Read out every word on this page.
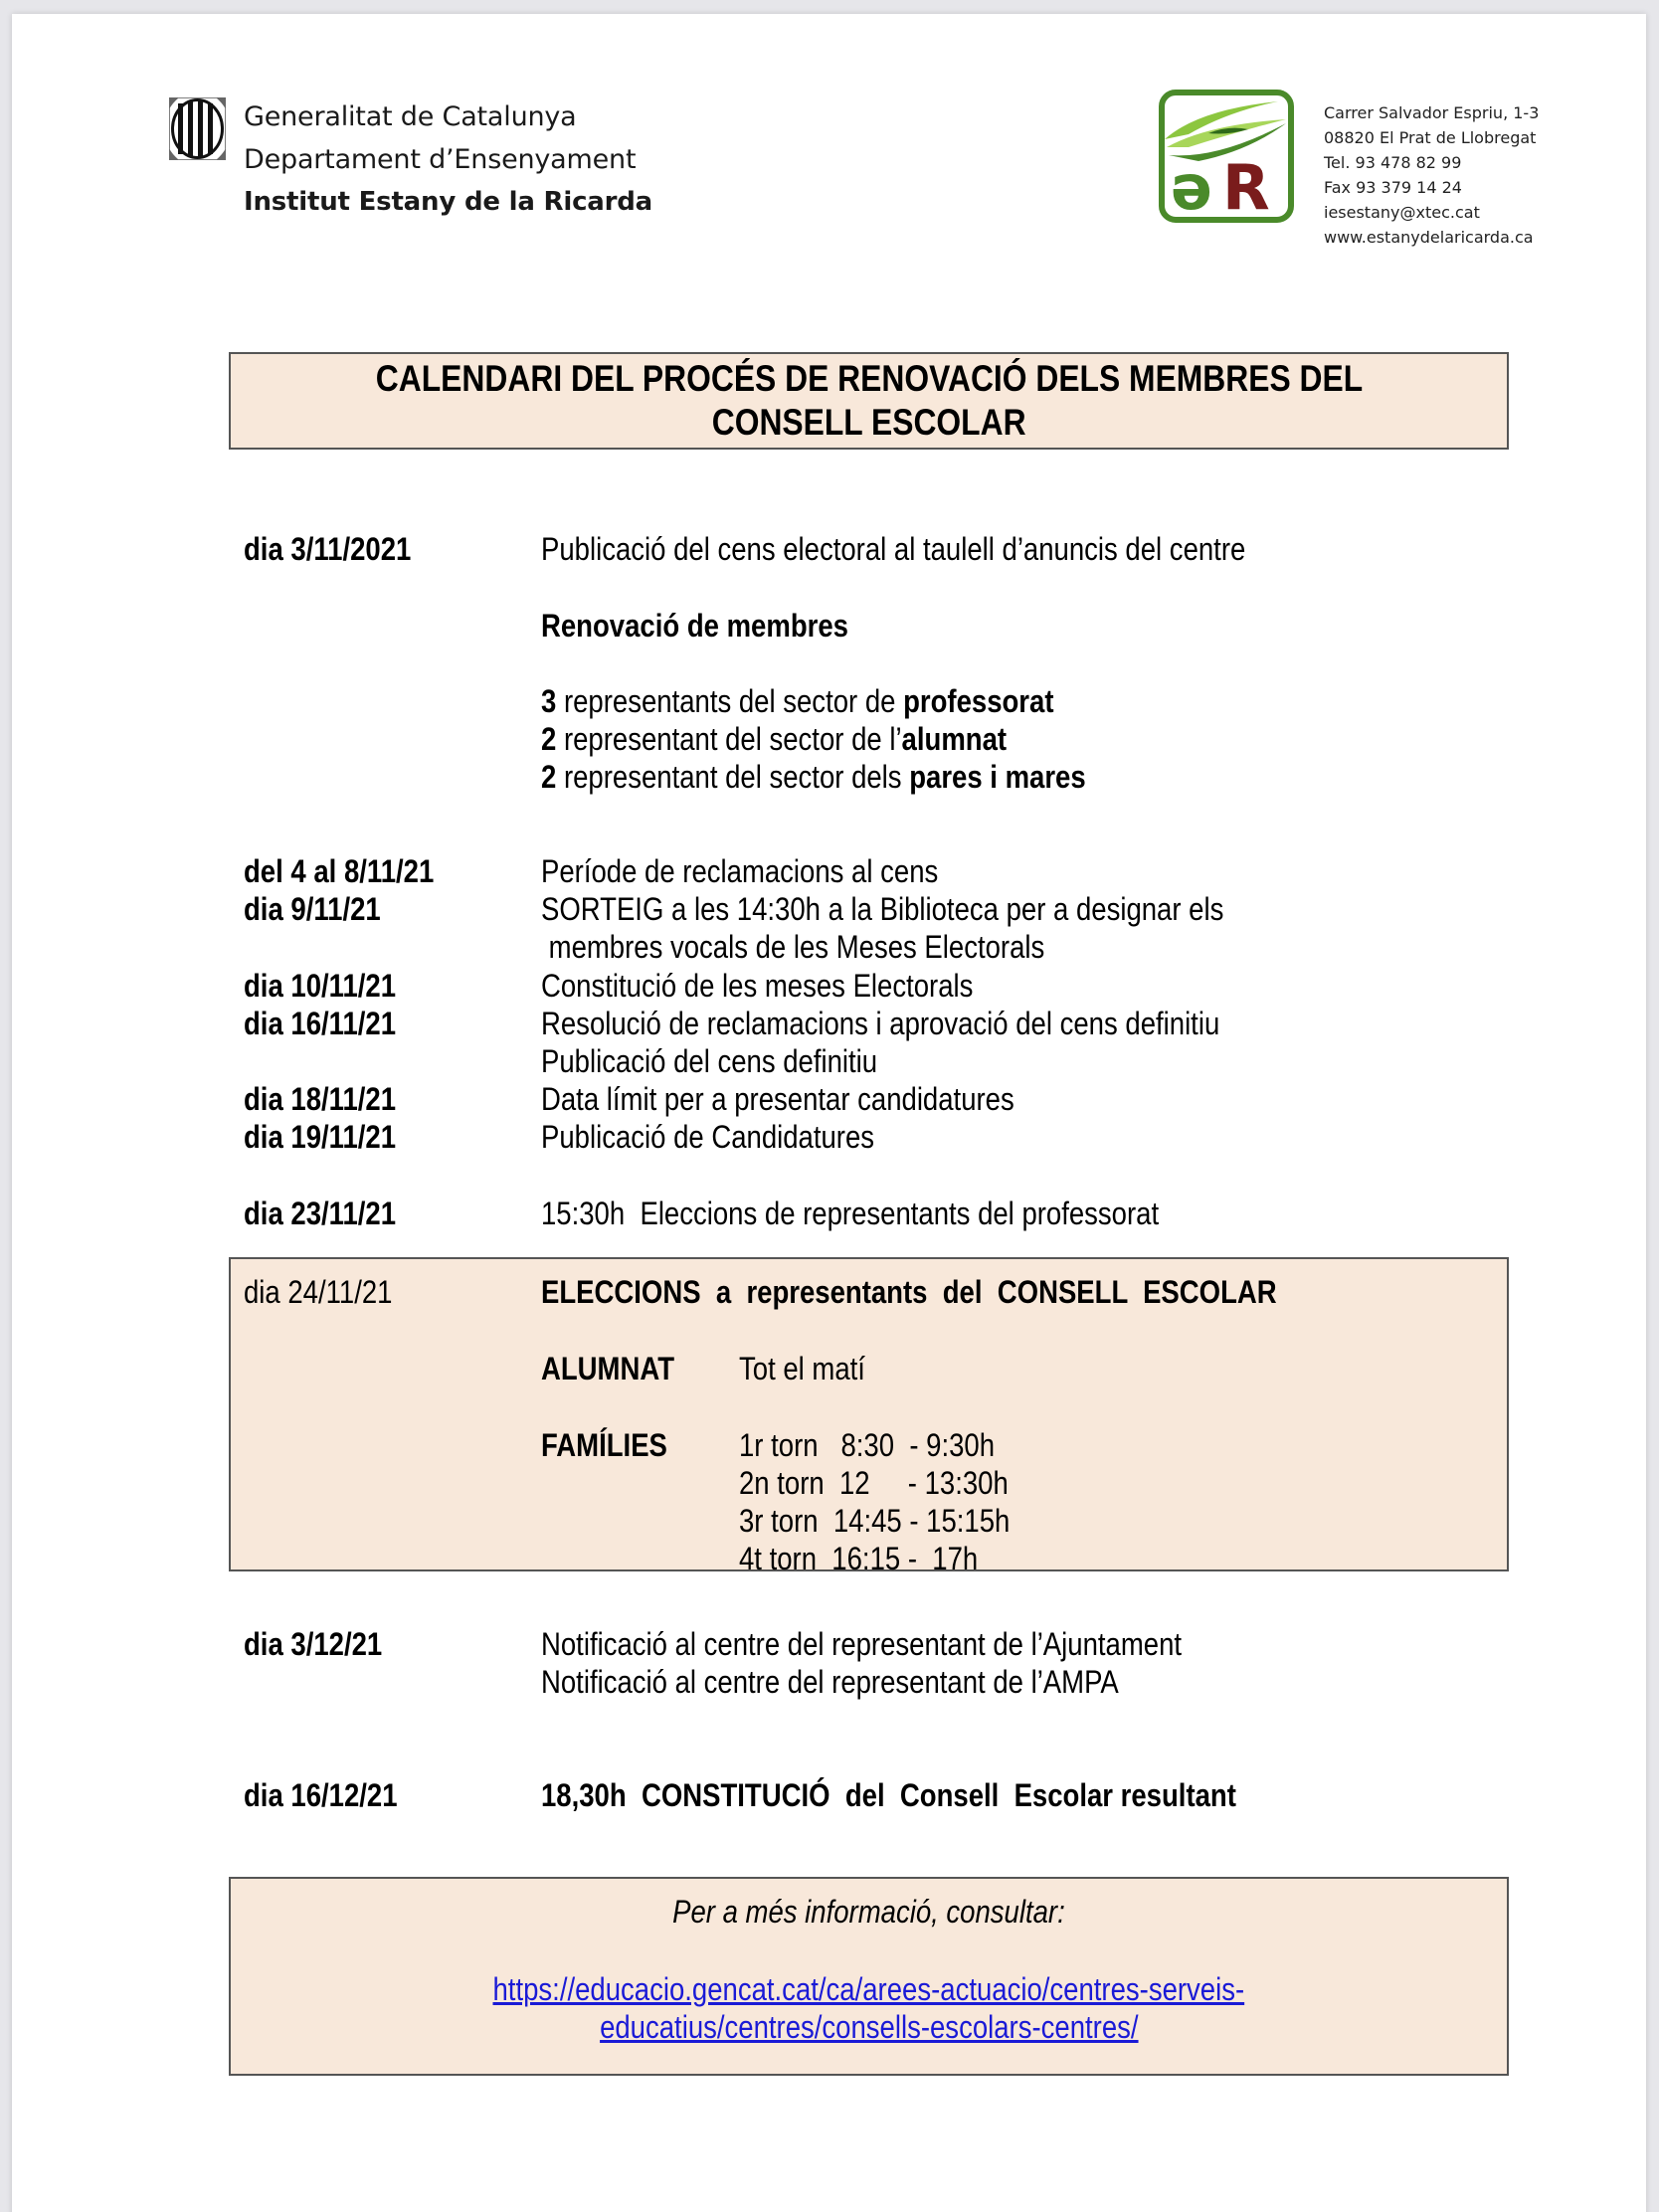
Generalitat de Catalunya
Departament d’Ensenyament
Institut Estany de la Ricarda	ə R
Carrer Salvador Espriu, 1-3
08820 El Prat de Llobregat
Tel. 93 478 82 99
Fax 93 379 14 24
iesestany@xtec.cat
www.estanydelaricarda.ca
CALENDARI DEL PROCÉS DE RENOVACIÓ DELS MEMBRES DEL
CONSELL ESCOLAR
dia 3/11/2021	Publicació del cens electoral al taulell d’anuncis del centre
Renovació de membres
3 representants del sector de professorat
2 representant del sector de l’alumnat
2 representant del sector dels pares i mares
del 4 al 8/11/21	Període de reclamacions al cens
dia 9/11/21	SORTEIG a les 14:30h a la Biblioteca per a designar els
membres vocals de les Meses Electorals
dia 10/11/21	Constitució de les meses Electorals
dia 16/11/21	Resolució de reclamacions i aprovació del cens definitiu
Publicació del cens definitiu
dia 18/11/21	Data límit per a presentar candidatures
dia 19/11/21	Publicació de Candidatures
dia 23/11/21	15:30h  Eleccions de representants del professorat
dia 24/11/21	ELECCIONS  a  representants  del  CONSELL  ESCOLAR
ALUMNAT Tot el matí
FAMÍLIES 1r torn   8:30  - 9:30h
2n torn  12     - 13:30h
3r torn  14:45 - 15:15h
4t torn  16:15 -  17h
dia 3/12/21	Notificació al centre del representant de l’Ajuntament
Notificació al centre del representant de l’AMPA
dia 16/12/21	18,30h  CONSTITUCIÓ  del  Consell  Escolar resultant
Per a més informació, consultar:
https://educacio.gencat.cat/ca/arees-actuacio/centres-serveis-
educatius/centres/consells-escolars-centres/
